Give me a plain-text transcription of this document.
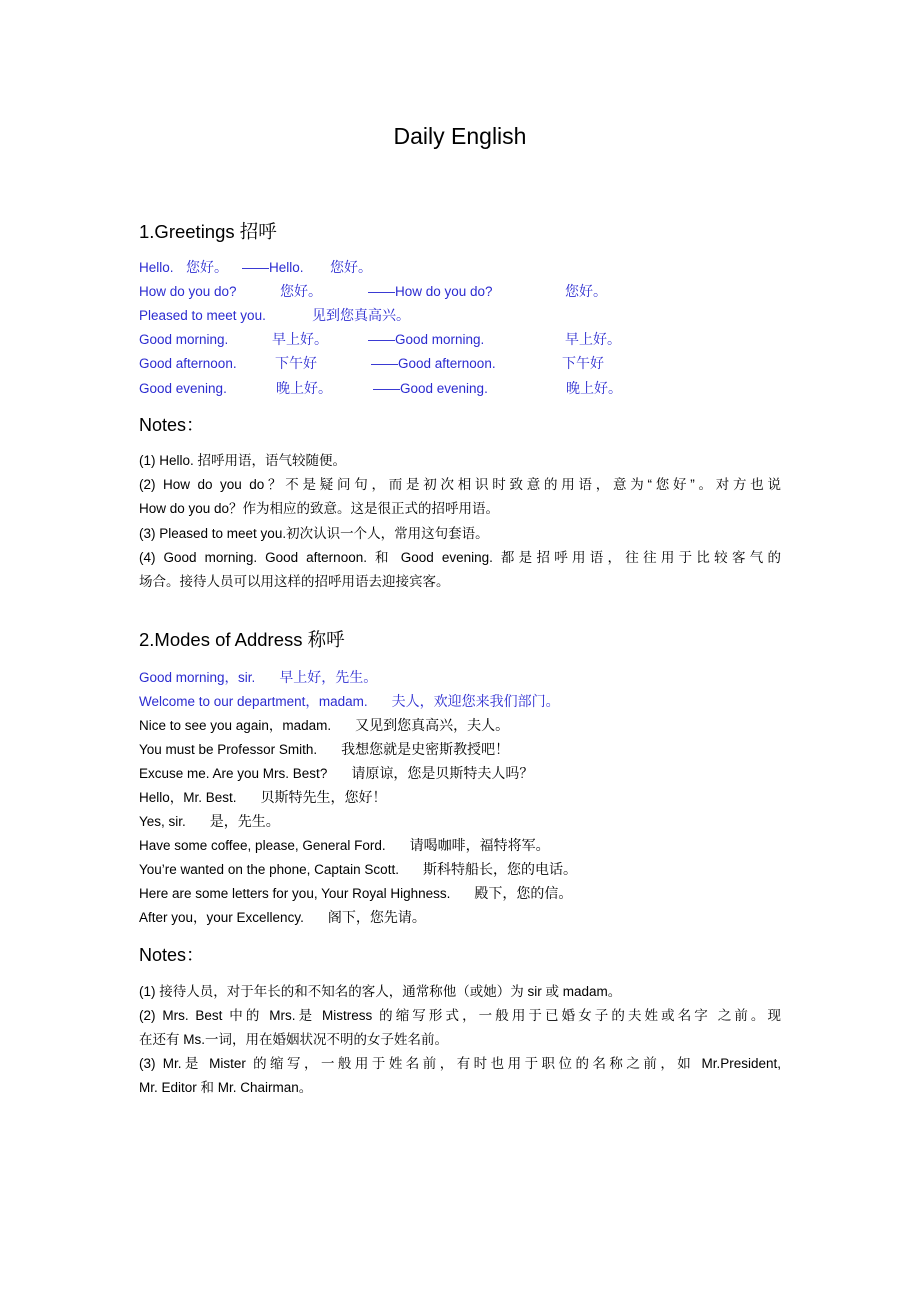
Daily English
1.Greetings 招呼
Hello. 您好。 ——Hello. 您好。
How do you do?	您好。	——How do you do?	您好。
Pleased to meet you.	见到您真高兴。
Good morning.	早上好。	——Good morning.	早上好。
Good afternoon.	下午好	——Good afternoon.	下午好
Good evening.	晚上好。	——Good evening.	晚上好。
Notes：
(1) Hello. 招呼用语，语气较随便。
(2) How do you do？不是疑问句，而是初次相识时致意的用语，意为“您好”。对方也说
How do you do？作为相应的致意。这是很正式的招呼用语。
(3) Pleased to meet you.初次认识一个人，常用这句套语。
(4) Good morning. Good afternoon. 和 Good evening. 都是招呼用语，往往用于比较客气的
场合。接待人员可以用这样的招呼用语去迎接宾客。
2.Modes of Address 称呼
Good morning，sir. 早上好，先生。
Welcome to our department，madam. 夫人，欢迎您来我们部门。
Nice to see you again，madam. 又见到您真高兴，夫人。
You must be Professor Smith. 我想您就是史密斯教授吧！
Excuse me. Are you Mrs. Best? 请原谅，您是贝斯特夫人吗？
Hello，Mr. Best. 贝斯特先生，您好！
Yes, sir. 是，先生。
Have some coffee, please, General Ford. 请喝咖啡，福特将军。
You’re wanted on the phone, Captain Scott. 斯科特船长，您的电话。
Here are some letters for you, Your Royal Highness. 殿下，您的信。
After you，your Excellency. 阁下，您先请。
Notes：
(1) 接待人员，对于年长的和不知名的客人，通常称他（或她）为 sir 或 madam。
(2) Mrs. Best 中的 Mrs.是 Mistress 的缩写形式，一般用于已婚女子的夫姓或名字 之前。现
在还有 Ms.一词，用在婚姻状况不明的女子姓名前。
(3) Mr.是 Mister 的缩写，一般用于姓名前，有时也用于职位的名称之前，如 Mr.President,
Mr. Editor 和 Mr. Chairman。
